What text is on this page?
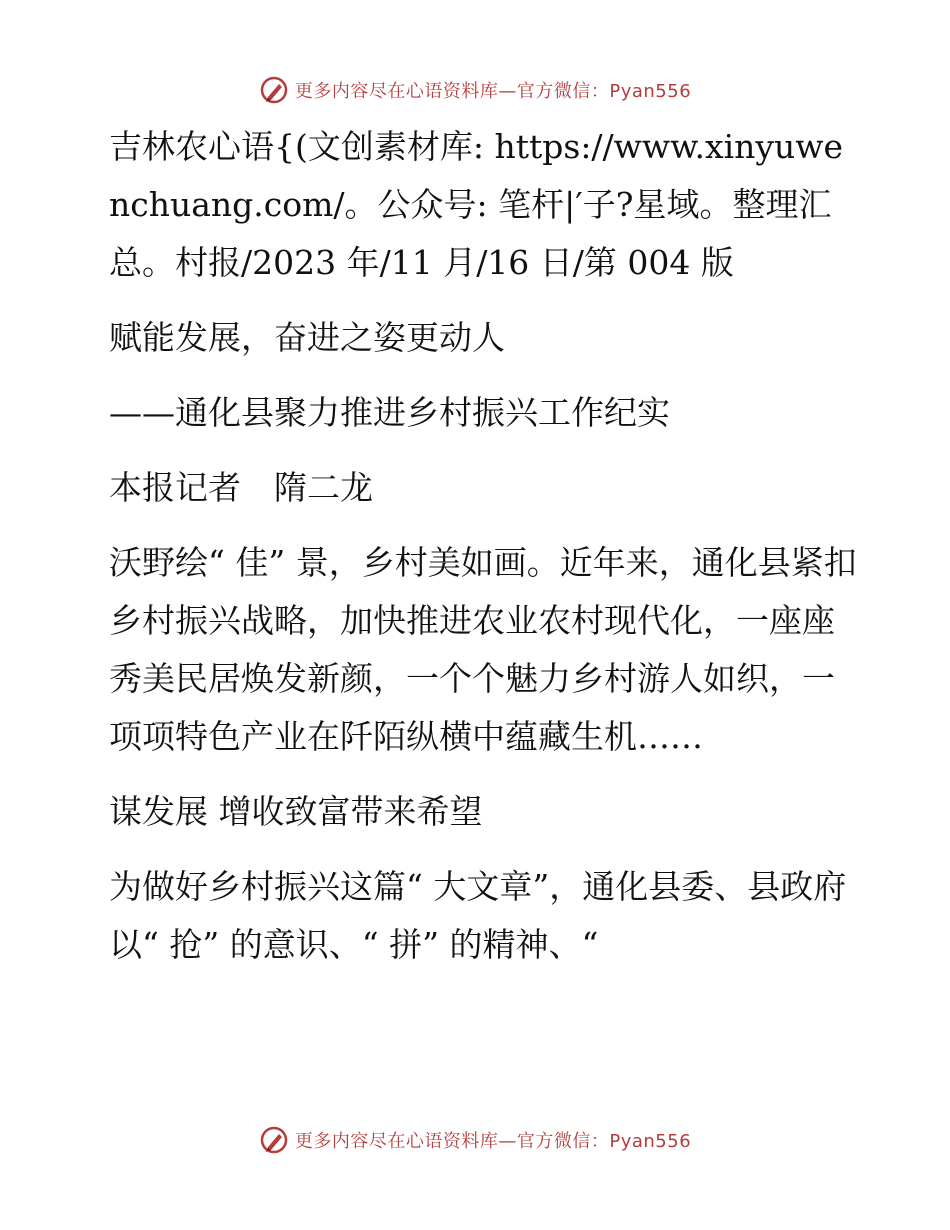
更多内容尽在心语资料库—官方微信：Pyan556

吉林农心语{(文创素材库: https://www.xinyuwenchuang.com/。公众号: 笔杆|′子?星域。整理汇总。村报/2023 年/11 月/16 日/第 004 版

赋能发展，奋进之姿更动人

——通化县聚力推进乡村振兴工作纪实

本报记者　隋二龙

沃野绘“ 佳” 景，乡村美如画。近年来，通化县紧扣乡村振兴战略，加快推进农业农村现代化，一座座秀美民居焕发新颜，一个个魅力乡村游人如织，一项项特色产业在阡陌纵横中蕴藏生机……

谋发展 增收致富带来希望

为做好乡村振兴这篇“ 大文章”，通化县委、县政府以“ 抢” 的意识、“ 拼” 的精神、“

更多内容尽在心语资料库—官方微信：Pyan556
